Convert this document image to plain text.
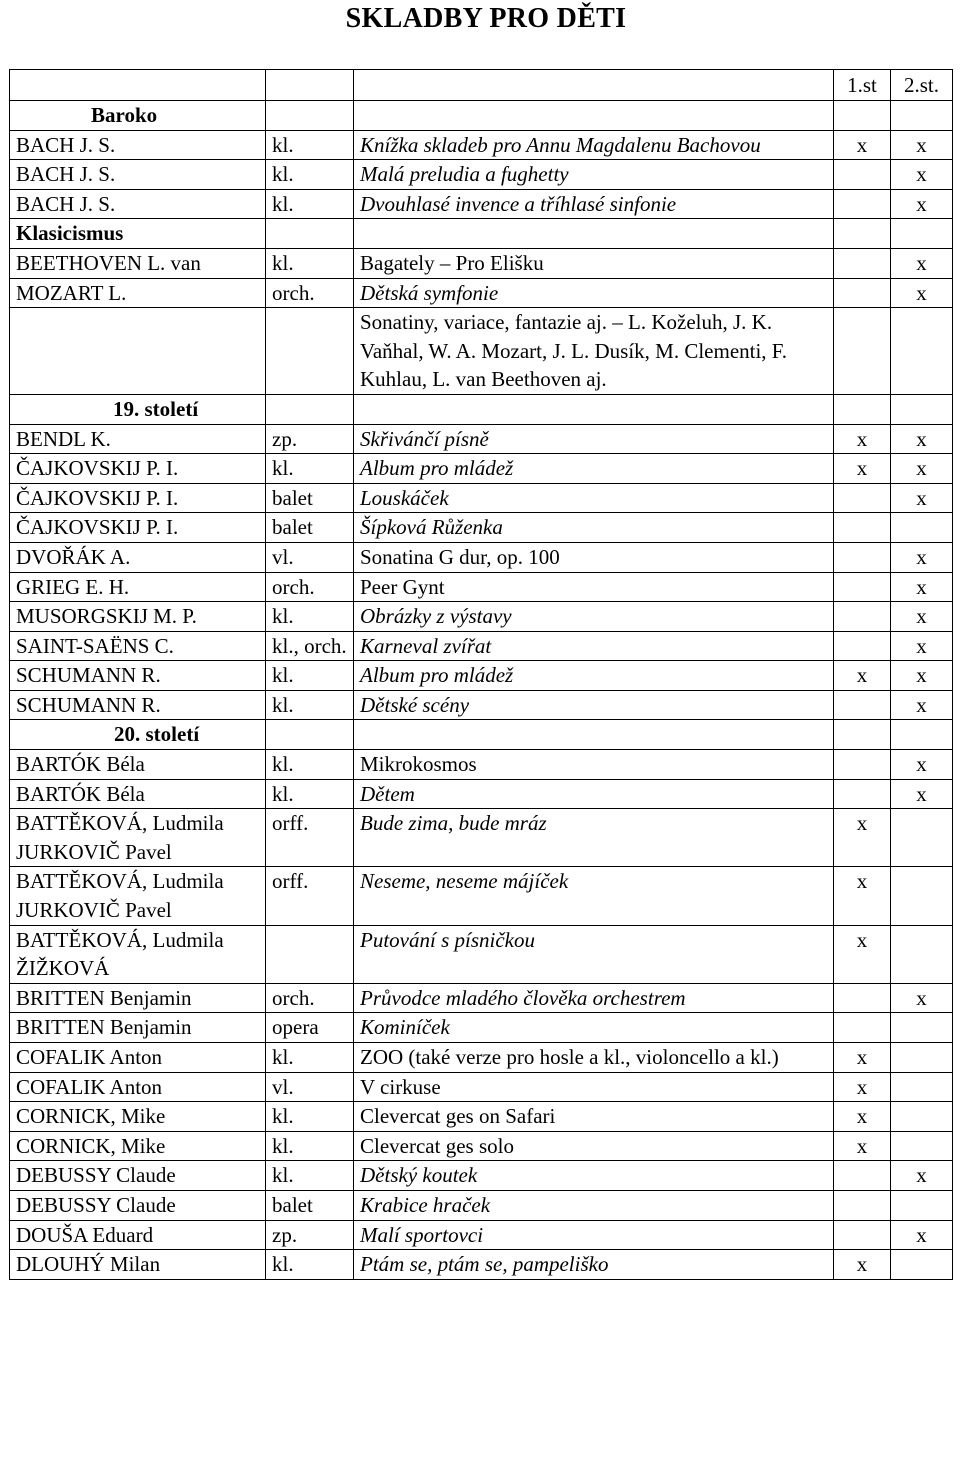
SKLADBY PRO DĚTI
			1.st	2.st.
Baroko				
BACH J. S.	kl.	Knížka skladeb pro Annu Magdalenu Bachovou	x	x
BACH J. S.	kl.	Malá preludia a fughetty		x
BACH J. S.	kl.	Dvouhlasé invence a tříhlasé sinfonie		x
Klasicismus				
BEETHOVEN L. van	kl.	Bagately – Pro Elišku		x
MOZART L.	orch.	Dětská symfonie		x
		Sonatiny, variace, fantazie aj. – L. Koželuh, J. K. Vaňhal, W. A. Mozart, J. L. Dusík, M. Clementi, F. Kuhlau, L. van Beethoven aj.		
19. století				
BENDL K.	zp.	Skřivánčí písně	x	x
ČAJKOVSKIJ P. I.	kl.	Album pro mládež	x	x
ČAJKOVSKIJ P. I.	balet	Louskáček		x
ČAJKOVSKIJ P. I.	balet	Šípková Růženka		
DVOŘÁK A.	vl.	Sonatina G dur, op. 100		x
GRIEG E. H.	orch.	Peer Gynt		x
MUSORGSKIJ M. P.	kl.	Obrázky z výstavy		x
SAINT-SAËNS C.	kl., orch.	Karneval zvířat		x
SCHUMANN R.	kl.	Album pro mládež	x	x
SCHUMANN R.	kl.	Dětské scény		x
20. století				
BARTÓK Béla	kl.	Mikrokosmos		x
BARTÓK Béla	kl.	Dětem		x
BATTĚKOVÁ, Ludmila JURKOVIČ Pavel	orff.	Bude zima, bude mráz	x	
BATTĚKOVÁ, Ludmila JURKOVIČ Pavel	orff.	Neseme, neseme májíček	x	
BATTĚKOVÁ, Ludmila ŽIŽKOVÁ		Putování s písničkou	x	
BRITTEN Benjamin	orch.	Průvodce mladého člověka orchestrem		x
BRITTEN Benjamin	opera	Kominíček		
COFALIK Anton	kl.	ZOO (také verze pro hosle a kl., violoncello a kl.)	x	
COFALIK Anton	vl.	V cirkuse	x	
CORNICK, Mike	kl.	Clevercat ges on Safari	x	
CORNICK, Mike	kl.	Clevercat ges solo	x	
DEBUSSY Claude	kl.	Dětský koutek		x
DEBUSSY Claude	balet	Krabice hraček		
DOUŠA Eduard	zp.	Malí sportovci		x
DLOUHÝ Milan	kl.	Ptám se, ptám se, pampeliško	x	
